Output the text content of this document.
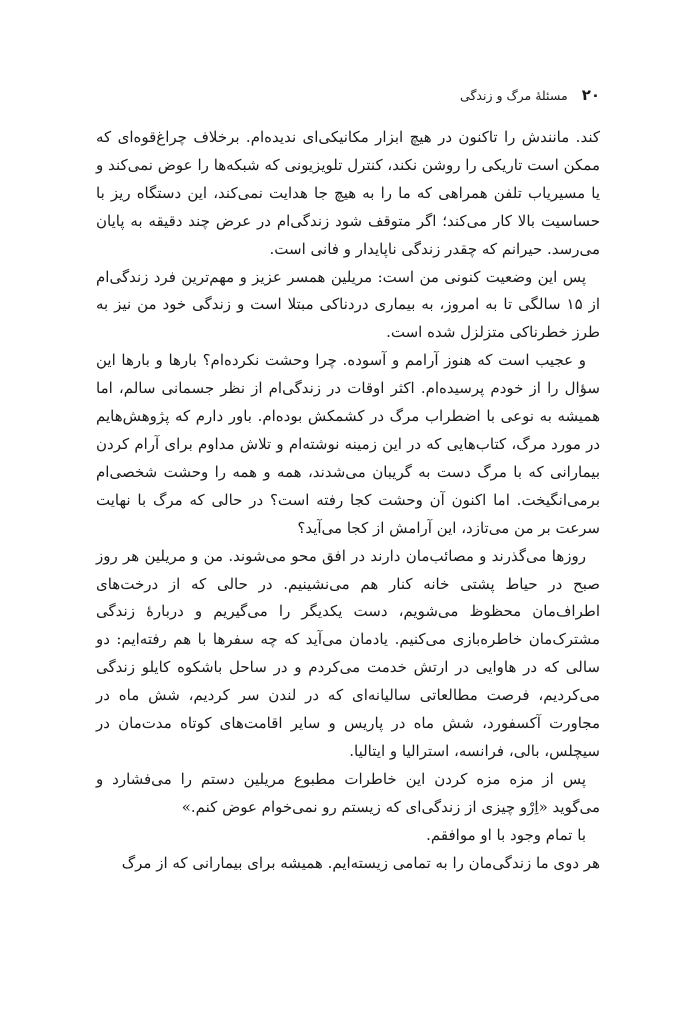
۲۰
مسئلهٔ مرگ و زندگی

کند. مانندش را تاکنون در هیچ ابزار مکانیکی‌ای ندیده‌ام. برخلاف چراغ‌قوه‌ای که ممکن است تاریکی را روشن نکند، کنترل تلویزیونی که شبکه‌ها را عوض نمی‌کند و یا مسیریاب تلفن همراهی که ما را به هیچ جا هدایت نمی‌کند، این دستگاه ریز با حساسیت بالا کار می‌کند؛ اگر متوقف شود زندگی‌ام در عرض چند دقیقه به پایان می‌رسد. حیرانم که چقدر زندگی ناپایدار و فانی است.

پس این وضعیت کنونی من است: مریلین همسر عزیز و مهم‌ترین فرد زندگی‌ام از ۱۵ سالگی تا به امروز، به بیماری دردناکی مبتلا است و زندگی خود من نیز به طرز خطرناکی متزلزل شده است.

و عجیب است که هنوز آرامم و آسوده. چرا وحشت نکرده‌ام؟ بارها و بارها این سؤال را از خودم پرسیده‌ام. اکثر اوقات در زندگی‌ام از نظر جسمانی سالم، اما همیشه به نوعی با اضطراب مرگ در کشمکش بوده‌ام. باور دارم که پژوهش‌هایم در مورد مرگ، کتاب‌هایی که در این زمینه نوشته‌ام و تلاش مداوم برای آرام کردن بیمارانی که با مرگ دست به گریبان می‌شدند، همه و همه را وحشت شخصی‌ام برمی‌انگیخت. اما اکنون آن وحشت کجا رفته است؟ در حالی که مرگ با نهایت سرعت بر من می‌تازد، این آرامش از کجا می‌آید؟

روزها می‌گذرند و مصائب‌مان دارند در افق محو می‌شوند. من و مریلین هر روز صبح در حیاط پشتی خانه کنار هم می‌نشینیم. در حالی که از درخت‌های اطراف‌مان محظوظ می‌شویم، دست یکدیگر را می‌گیریم و دربارهٔ زندگی مشترک‌مان خاطره‌بازی می‌کنیم. یادمان می‌آید که چه سفرها با هم رفته‌ایم: دو سالی که در هاوایی در ارتش خدمت می‌کردم و در ساحل باشکوه کایلو زندگی می‌کردیم، فرصت مطالعاتی سالیانه‌ای که در لندن سر کردیم، شش ماه در مجاورت آکسفورد، شش ماه در پاریس و سایر اقامت‌های کوتاه مدت‌مان در سیچلس، بالی، فرانسه، استرالیا و ایتالیا.

پس از مزه مزه کردن این خاطرات مطبوع مریلین دستم را می‌فشارد و می‌گوید «اِرْو چیزی از زندگی‌ای که زیستم رو نمی‌خوام عوض کنم.»

با تمام وجود با او موافقم.

هر دوی ما زندگی‌مان را به تمامی زیسته‌ایم. همیشه برای بیمارانی که از مرگ
